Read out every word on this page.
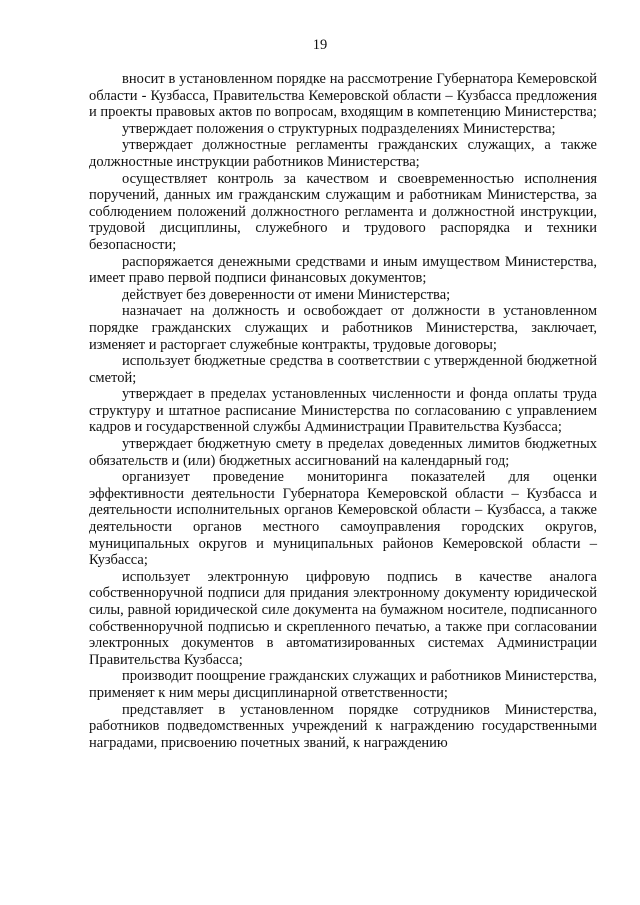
19

вносит в установленном порядке на рассмотрение Губернатора Кемеровской области - Кузбасса, Правительства Кемеровской области – Кузбасса предложения и проекты правовых актов по вопросам, входящим в компетенцию Министерства;

утверждает положения о структурных подразделениях Министерства;

утверждает должностные регламенты гражданских служащих, а также должностные инструкции работников Министерства;

осуществляет контроль за качеством и своевременностью исполнения поручений, данных им гражданским служащим и работникам Министерства, за соблюдением положений должностного регламента и должностной инструкции, трудовой дисциплины, служебного и трудового распорядка и техники безопасности;

распоряжается денежными средствами и иным имуществом Министерства, имеет право первой подписи финансовых документов;

действует без доверенности от имени Министерства;

назначает на должность и освобождает от должности в установленном порядке гражданских служащих и работников Министерства, заключает, изменяет и расторгает служебные контракты, трудовые договоры;

использует бюджетные средства в соответствии с утвержденной бюджетной сметой;

утверждает в пределах установленных численности и фонда оплаты труда структуру и штатное расписание Министерства по согласованию с управлением кадров и государственной службы Администрации Правительства Кузбасса;

утверждает бюджетную смету в пределах доведенных лимитов бюджетных обязательств и (или) бюджетных ассигнований на календарный год;

организует проведение мониторинга показателей для оценки эффективности деятельности Губернатора Кемеровской области – Кузбасса и деятельности исполнительных органов Кемеровской области – Кузбасса, а также деятельности органов местного самоуправления городских округов, муниципальных округов и муниципальных районов Кемеровской области – Кузбасса;

использует электронную цифровую подпись в качестве аналога собственноручной подписи для придания электронному документу юридической силы, равной юридической силе документа на бумажном носителе, подписанного собственноручной подписью и скрепленного печатью, а также при согласовании электронных документов в автоматизированных системах Администрации Правительства Кузбасса;

производит поощрение гражданских служащих и работников Министерства, применяет к ним меры дисциплинарной ответственности;

представляет в установленном порядке сотрудников Министерства, работников подведомственных учреждений к награждению государственными наградами, присвоению почетных званий, к награждению
